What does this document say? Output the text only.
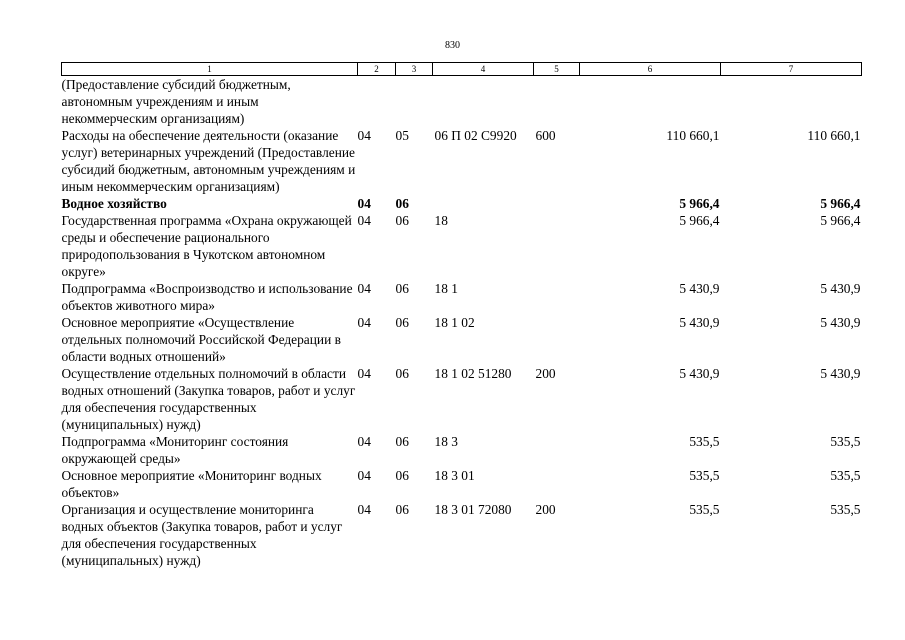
830
1	2	3	4	5	6	7
(Предоставление субсидий бюджетным, автономным учреждениям и иным некоммерческим организациям)						
Расходы на обеспечение деятельности (оказание услуг) ветеринарных учреждений (Предоставление субсидий бюджетным, автономным учреждениям и иным некоммерческим организациям)	04	05	06 П 02 С9920	600	110 660,1	110 660,1
Водное хозяйство	04	06			5 966,4	5 966,4
Государственная программа «Охрана окружающей среды и обеспечение рационального природопользования в Чукотском автономном округе»	04	06	18		5 966,4	5 966,4
Подпрограмма «Воспроизводство и использование объектов животного мира»	04	06	18 1		5 430,9	5 430,9
Основное мероприятие «Осуществление отдельных полномочий Российской Федерации в области водных отношений»	04	06	18 1 02		5 430,9	5 430,9
Осуществление отдельных полномочий в области водных отношений (Закупка товаров, работ и услуг для обеспечения государственных (муниципальных) нужд)	04	06	18 1 02 51280	200	5 430,9	5 430,9
Подпрограмма «Мониторинг состояния окружающей среды»	04	06	18 3		535,5	535,5
Основное мероприятие «Мониторинг водных объектов»	04	06	18 3 01		535,5	535,5
Организация и осуществление мониторинга водных объектов (Закупка товаров, работ и услуг для обеспечения государственных (муниципальных) нужд)	04	06	18 3 01 72080	200	535,5	535,5
